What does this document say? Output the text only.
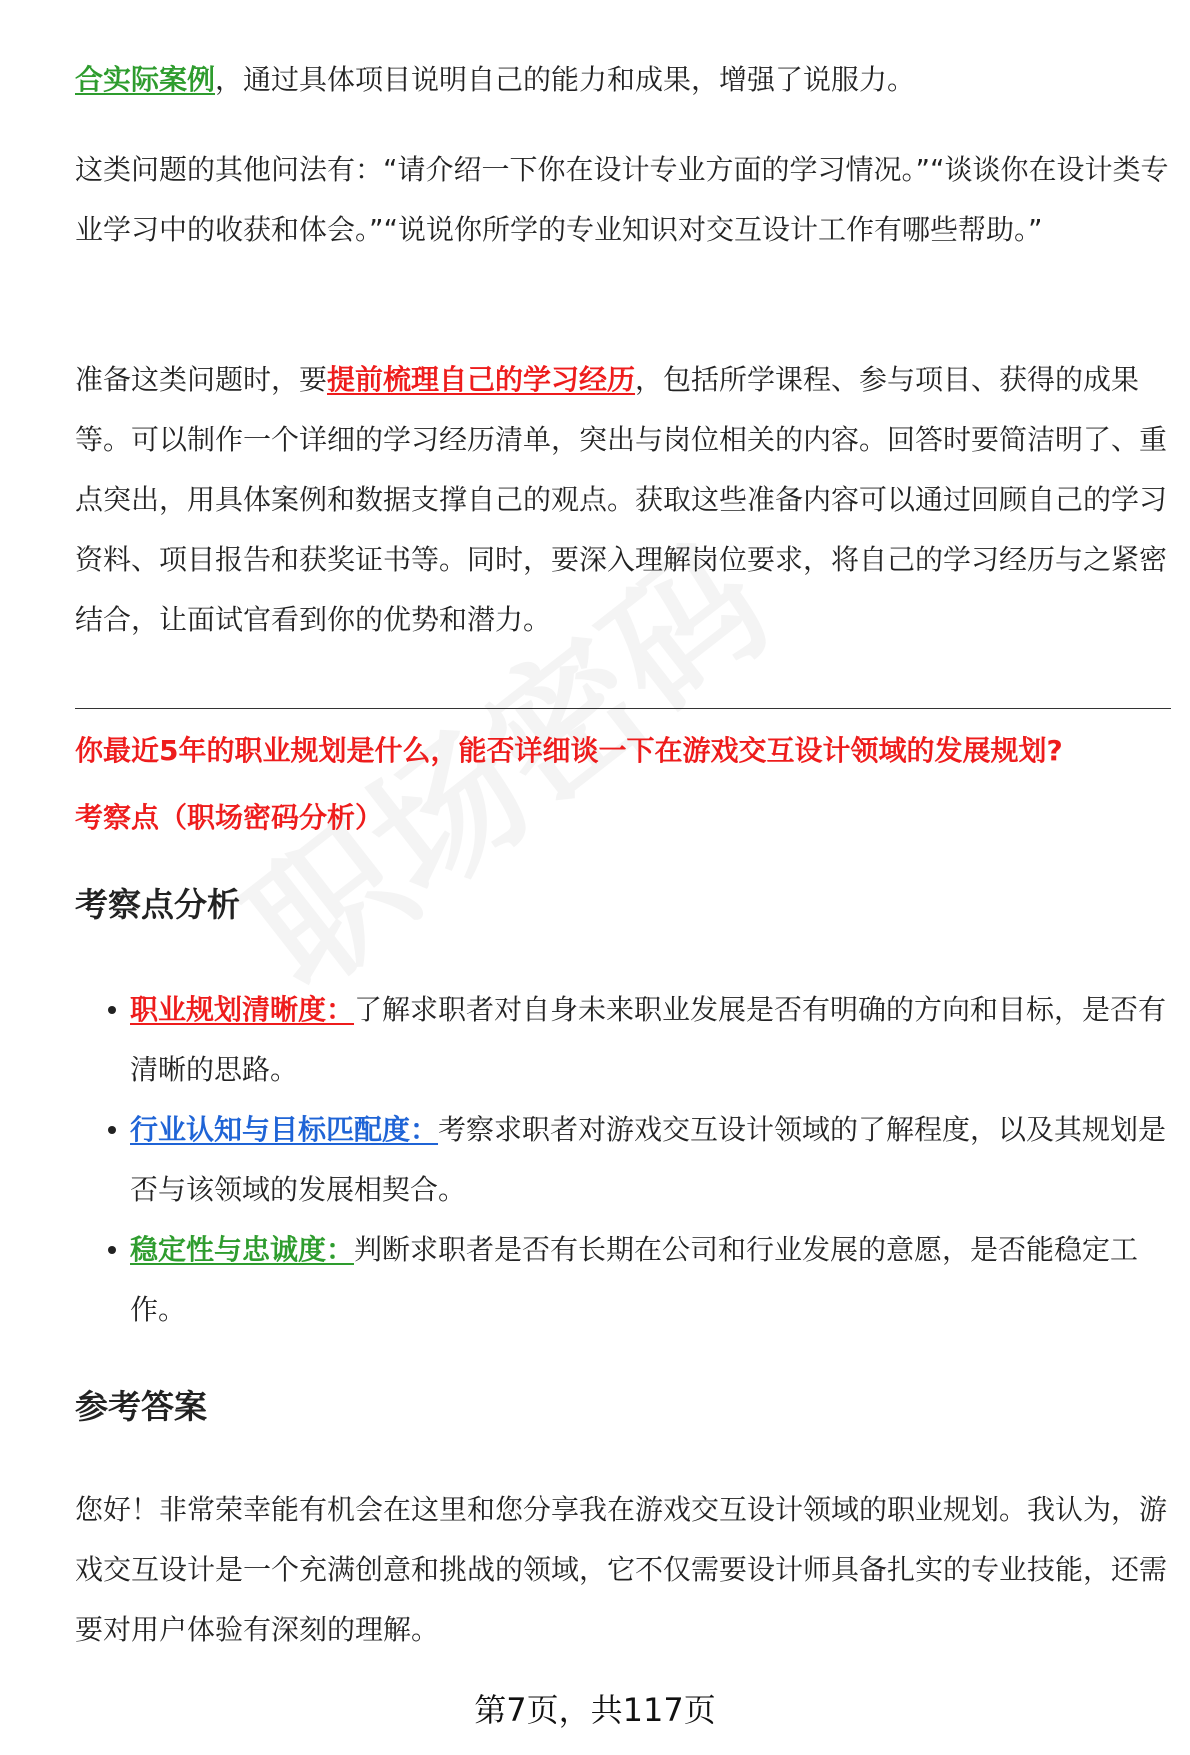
合实际案例，通过具体项目说明自己的能力和成果，增强了说服力。

这类问题的其他问法有：“请介绍一下你在设计专业方面的学习情况。”“谈谈你在设计类专业学习中的收获和体会。”“说说你所学的专业知识对交互设计工作有哪些帮助。”

准备这类问题时，要提前梳理自己的学习经历，包括所学课程、参与项目、获得的成果等。可以制作一个详细的学习经历清单，突出与岗位相关的内容。回答时要简洁明了、重点突出，用具体案例和数据支撑自己的观点。获取这些准备内容可以通过回顾自己的学习资料、项目报告和获奖证书等。同时，要深入理解岗位要求，将自己的学习经历与之紧密结合，让面试官看到你的优势和潜力。

你最近5年的职业规划是什么，能否详细谈一下在游戏交互设计领域的发展规划?
考察点（职场密码分析）
考察点分析
职业规划清晰度：了解求职者对自身未来职业发展是否有明确的方向和目标，是否有清晰的思路。
行业认知与目标匹配度：考察求职者对游戏交互设计领域的了解程度，以及其规划是否与该领域的发展相契合。
稳定性与忠诚度：判断求职者是否有长期在公司和行业发展的意愿，是否能稳定工作。
参考答案

您好！非常荣幸能有机会在这里和您分享我在游戏交互设计领域的职业规划。我认为，游戏交互设计是一个充满创意和挑战的领域，它不仅需要设计师具备扎实的专业技能，还需要对用户体验有深刻的理解。

第7页，共117页
